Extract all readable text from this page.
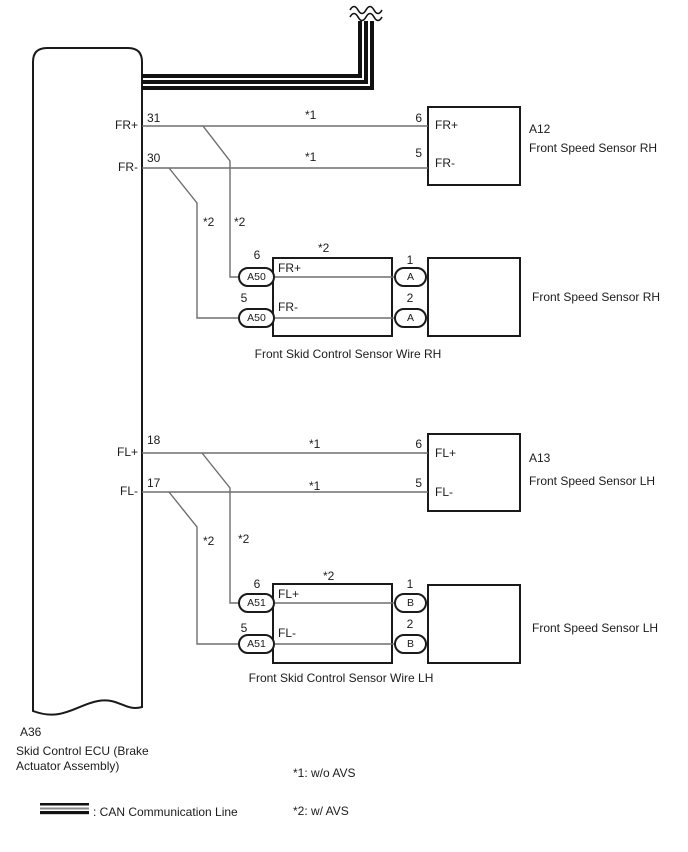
A50
A50
A
A
A51
A51
B
B
FR+ 31
FR-
30
FL+
18
FL-
17
*1
*1
6
5
FR+
FR-
A12
Front Speed Sensor RH
*2 *2
*2
6
5
FR+
FR-
1
2
Front Skid Control Sensor Wire RH
Front Speed Sensor RH
*1
*1
6
5
FL+
FL-
A13
Front Speed Sensor LH
*2 *2
*2
6
5
FL+
FL-
1
2
Front Skid Control Sensor Wire LH
Front Speed Sensor LH
A36
Skid Control ECU (Brake
Actuator Assembly)
: CAN Communication Line
*1: w/o AVS
*2: w/ AVS
